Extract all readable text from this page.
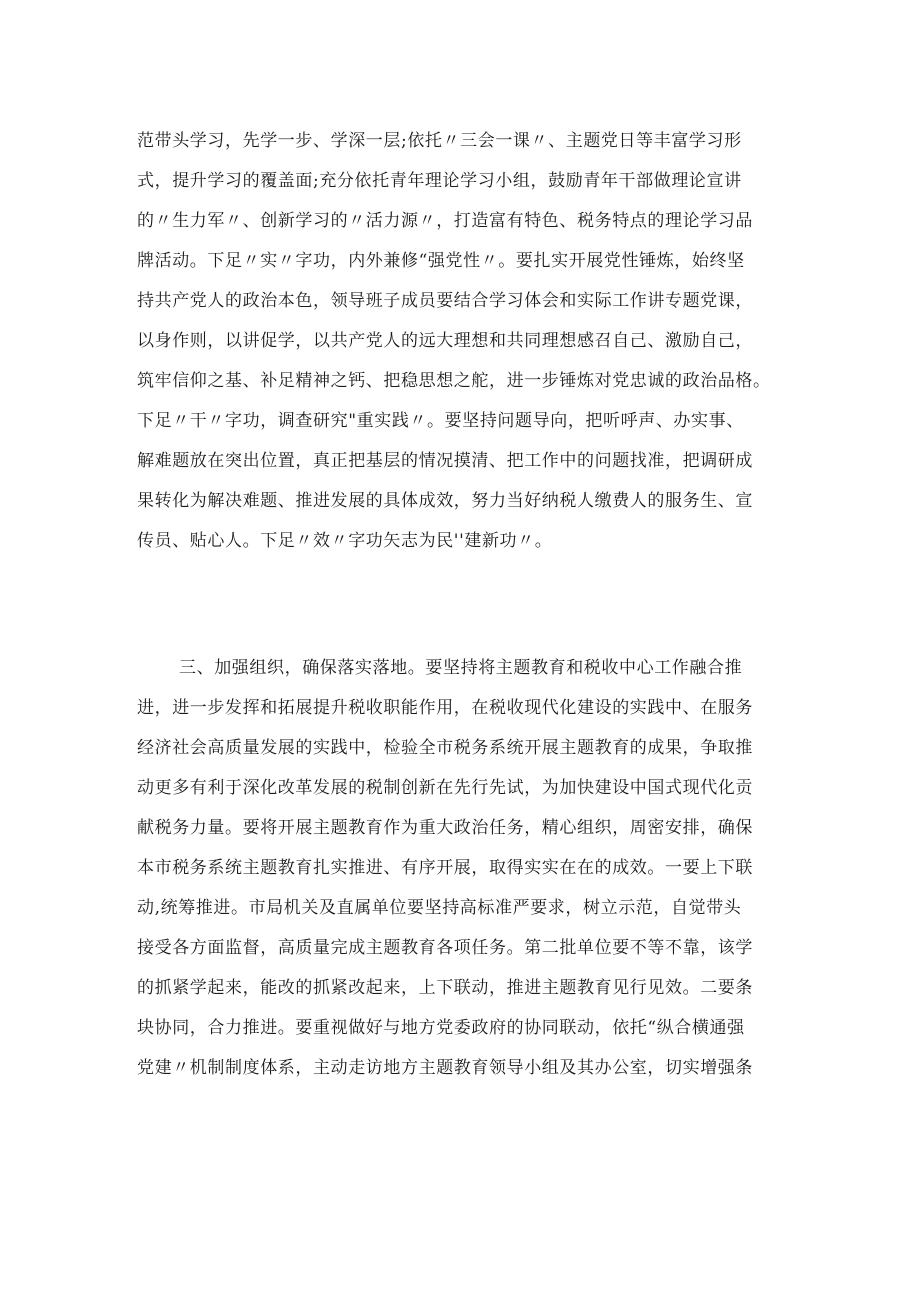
范带头学习，先学一步、学深一层;依托〃三会一课〃、主题党日等丰富学习形
式，提升学习的覆盖面;充分依托青年理论学习小组，鼓励青年干部做理论宣讲
的〃生力军〃、创新学习的〃活力源〃，打造富有特色、税务特点的理论学习品
牌活动。下足〃实〃字功，内外兼修“强党性〃。要扎实开展党性锤炼，始终坚
持共产党人的政治本色，领导班子成员要结合学习体会和实际工作讲专题党课，
以身作则，以讲促学，以共产党人的远大理想和共同理想感召自己、激励自己，
筑牢信仰之基、补足精神之钙、把稳思想之舵，进一步锤炼对党忠诚的政治品格。
下足〃干〃字功，调查研究"重实践〃。要坚持问题导向，把听呼声、办实事、
解难题放在突出位置，真正把基层的情况摸清、把工作中的问题找准，把调研成
果转化为解决难题、推进发展的具体成效，努力当好纳税人缴费人的服务生、宣
传员、贴心人。下足〃效〃字功矢志为民''建新功〃。
三、加强组织，确保落实落地。要坚持将主题教育和税收中心工作融合推
进，进一步发挥和拓展提升税收职能作用，在税收现代化建设的实践中、在服务
经济社会高质量发展的实践中，检验全市税务系统开展主题教育的成果，争取推
动更多有利于深化改革发展的税制创新在先行先试，为加快建设中国式现代化贡
献税务力量。要将开展主题教育作为重大政治任务，精心组织，周密安排，确保
本市税务系统主题教育扎实推进、有序开展，取得实实在在的成效。一要上下联
动,统筹推进。市局机关及直属单位要坚持高标准严要求，树立示范，自觉带头
接受各方面监督，高质量完成主题教育各项任务。第二批单位要不等不靠，该学
的抓紧学起来，能改的抓紧改起来，上下联动，推进主题教育见行见效。二要条
块协同，合力推进。要重视做好与地方党委政府的协同联动，依托“纵合横通强
党建〃机制制度体系，主动走访地方主题教育领导小组及其办公室，切实增强条
